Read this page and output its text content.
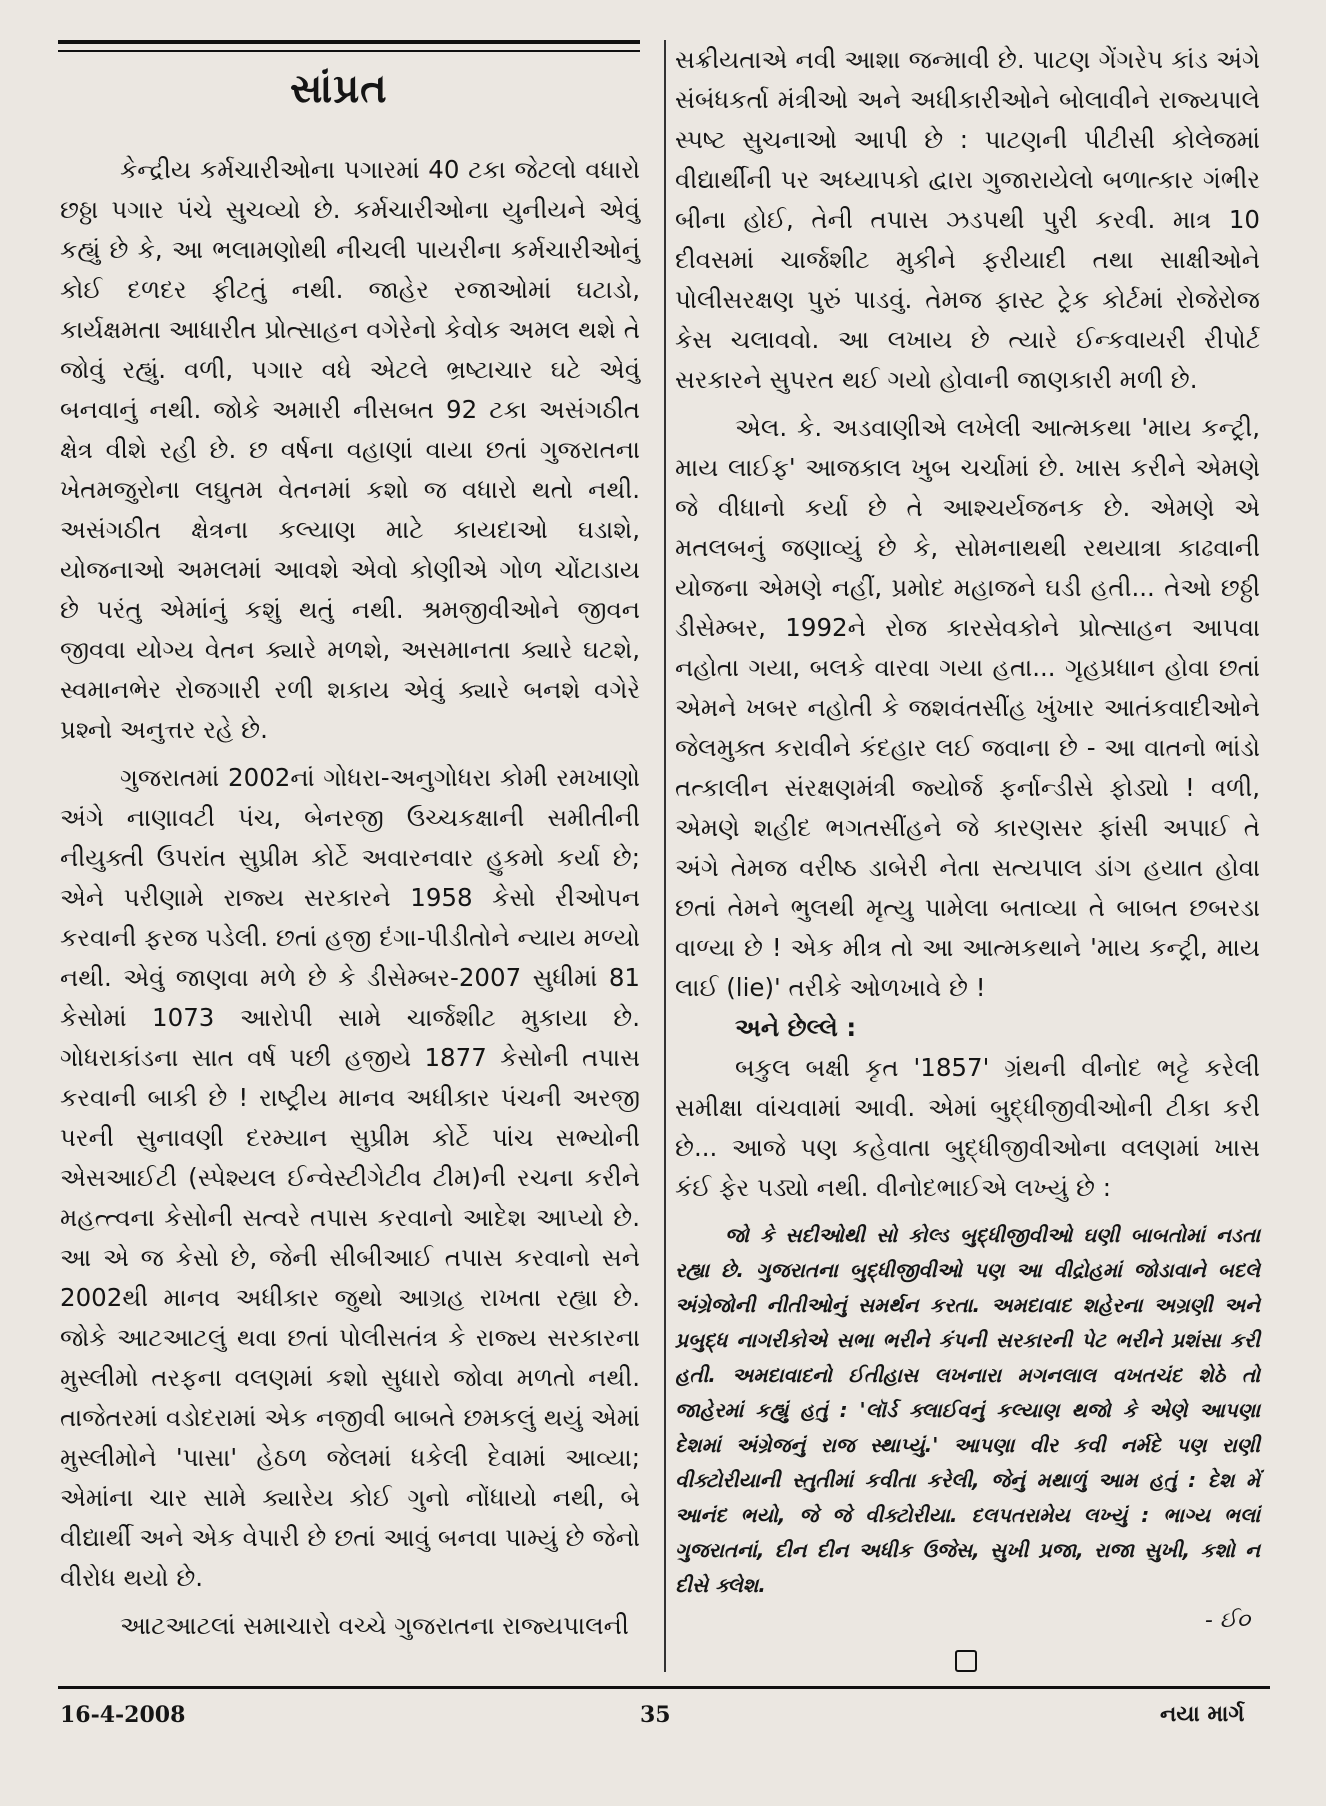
સાંપ્રત

કેન્દ્રીય કર્મચારીઓના પગારમાં 40 ટકા જેટલો વધારો છઠ્ઠા પગાર પંચે સુચવ્યો છે. કર્મચારીઓના યુનીયને એવું કહ્યું છે કે, આ ભલામણોથી નીચલી પાયરીના કર્મચારીઓનું કોઈ દળદર ફીટતું નથી. જાહેર રજાઓમાં ઘટાડો, કાર્યક્ષમતા આધારીત પ્રોત્સાહન વગેરેનો કેવોક અમલ થશે તે જોવું રહ્યું. વળી, પગાર વધે એટલે ભ્રષ્ટાચાર ઘટે એવું બનવાનું નથી. જોકે અમારી નીસબત 92 ટકા અસંગઠીત ક્ષેત્ર વીશે રહી છે. છ વર્ષના વહાણાં વાયા છતાં ગુજરાતના ખેતમજુરોના લઘુતમ વેતનમાં કશો જ વધારો થતો નથી. અસંગઠીત ક્ષેત્રના કલ્યાણ માટે કાયદાઓ ઘડાશે, યોજનાઓ અમલમાં આવશે એવો કોણીએ ગોળ ચોંટાડાય છે પરંતુ એમાંનું કશું થતું નથી. શ્રમજીવીઓને જીવન જીવવા યોગ્ય વેતન ક્યારે મળશે, અસમાનતા ક્યારે ઘટશે, સ્વમાનભેર રોજગારી રળી શકાય એવું ક્યારે બનશે વગેરે પ્રશ્નો અનુત્તર રહે છે.

ગુજરાતમાં 2002નાં ગોધરા-અનુગોધરા કોમી રમખાણો અંગે નાણાવટી પંચ, બેનરજી ઉચ્ચકક્ષાની સમીતીની નીયુક્તી ઉપરાંત સુપ્રીમ કોર્ટે અવારનવાર હુકમો કર્યા છે; એને પરીણામે રાજ્ય સરકારને 1958 કેસો રીઓપન કરવાની ફરજ પડેલી. છતાં હજી દંગા-પીડીતોને ન્યાય મળ્યો નથી. એવું જાણવા મળે છે કે ડીસેમ્બર-2007 સુધીમાં 81 કેસોમાં 1073 આરોપી સામે ચાર્જશીટ મુકાયા છે. ગોધરાકાંડના સાત વર્ષ પછી હજીયે 1877 કેસોની તપાસ કરવાની બાકી છે ! રાષ્ટ્રીય માનવ અધીકાર પંચની અરજી પરની સુનાવણી દરમ્યાન સુપ્રીમ કોર્ટે પાંચ સભ્યોની એસઆઈટી (સ્પેશ્યલ ઈન્વેસ્ટીગેટીવ ટીમ)ની રચના કરીને મહત્ત્વના કેસોની સત્વરે તપાસ કરવાનો આદેશ આપ્યો છે. આ એ જ કેસો છે, જેની સીબીઆઈ તપાસ કરવાનો સને 2002થી માનવ અધીકાર જુથો આગ્રહ રાખતા રહ્યા છે. જોકે આટઆટલું થવા છતાં પોલીસતંત્ર કે રાજ્ય સરકારના મુસ્લીમો તરફના વલણમાં કશો સુધારો જોવા મળતો નથી. તાજેતરમાં વડોદરામાં એક નજીવી બાબતે છમકલું થયું એમાં મુસ્લીમોને 'પાસા' હેઠળ જેલમાં ધકેલી દેવામાં આવ્યા; એમાંના ચાર સામે ક્યારેય કોઈ ગુનો નોંધાયો નથી, બે વીદ્યાર્થી અને એક વેપારી છે છતાં આવું બનવા પામ્યું છે જેનો વીરોધ થયો છે.

આટઆટલાં સમાચારો વચ્ચે ગુજરાતના રાજ્યપાલની

સક્રીયતાએ નવી આશા જન્માવી છે. પાટણ ગેંગરેપ કાંડ અંગે સંબંધકર્તા મંત્રીઓ અને અધીકારીઓને બોલાવીને રાજ્યપાલે સ્પષ્ટ સુચનાઓ આપી છે : પાટણની પીટીસી કોલેજમાં વીદ્યાર્થીની પર અધ્યાપકો દ્વારા ગુજારાયેલો બળાત્કાર ગંભીર બીના હોઈ, તેની તપાસ ઝડપથી પુરી કરવી. માત્ર 10 દીવસમાં ચાર્જશીટ મુકીને ફરીયાદી તથા સાક્ષીઓને પોલીસરક્ષણ પુરું પાડવું. તેમજ ફાસ્ટ ટ્રેક કોર્ટમાં રોજેરોજ કેસ ચલાવવો. આ લખાય છે ત્યારે ઈન્કવાયરી રીપોર્ટ સરકારને સુપરત થઈ ગયો હોવાની જાણકારી મળી છે.

એલ. કે. અડવાણીએ લખેલી આત્મકથા 'માય કન્ટ્રી, માય લાઈફ' આજકાલ ખુબ ચર્ચામાં છે. ખાસ કરીને એમણે જે વીધાનો કર્યા છે તે આશ્ચર્યજનક છે. એમણે એ મતલબનું જણાવ્યું છે કે, સોમનાથથી રથયાત્રા કાઢવાની યોજના એમણે નહીં, પ્રમોદ મહાજને ઘડી હતી... તેઓ છઠ્ઠી ડીસેમ્બર, 1992ને રોજ કારસેવકોને પ્રોત્સાહન આપવા નહોતા ગયા, બલકે વારવા ગયા હતા... ગૃહપ્રધાન હોવા છતાં એમને ખબર નહોતી કે જશવંતસીંહ ખુંખાર આતંકવાદીઓને જેલમુક્ત કરાવીને કંદહાર લઈ જવાના છે - આ વાતનો ભાંડો તત્કાલીન સંરક્ષણમંત્રી જ્યોર્જ ફર્નાન્ડીસે ફોડ્યો ! વળી, એમણે શહીદ ભગતસીંહને જે કારણસર ફાંસી અપાઈ તે અંગે તેમજ વરીષ્ઠ ડાબેરી નેતા સત્યપાલ ડાંગ હયાત હોવા છતાં તેમને ભુલથી મૃત્યુ પામેલા બતાવ્યા તે બાબત છબરડા વાળ્યા છે ! એક મીત્ર તો આ આત્મકથાને 'માય કન્ટ્રી, માય લાઈ (lie)' તરીકે ઓળખાવે છે !

અને છેલ્લે :

બકુલ બક્ષી કૃત '1857' ગ્રંથની વીનોદ ભટ્ટે કરેલી સમીક્ષા વાંચવામાં આવી. એમાં બુદ્ધીજીવીઓની ટીકા કરી છે... આજે પણ કહેવાતા બુદ્ધીજીવીઓના વલણમાં ખાસ કંઈ ફેર પડ્યો નથી. વીનોદભાઈએ લખ્યું છે :

જો કે સદીઓથી સો કોલ્ડ બુદ્ધીજીવીઓ ઘણી બાબતોમાં નડતા રહ્યા છે. ગુજરાતના બુદ્ધીજીવીઓ પણ આ વીદ્રોહમાં જોડાવાને બદલે અંગ્રેજોની નીતીઓનું સમર્થન કરતા. અમદાવાદ શહેરના અગ્રણી અને પ્રબુદ્ધ નાગરીકોએ સભા ભરીને કંપની સરકારની પેટ ભરીને પ્રશંસા કરી હતી. અમદાવાદનો ઈતીહાસ લખનારા મગનલાલ વખતચંદ શેઠે તો જાહેરમાં કહ્યું હતું : 'લૉર્ડ ક્લાઈવનું કલ્યાણ થજો કે એણે આપણા દેશમાં અંગ્રેજનું રાજ સ્થાપ્યું.' આપણા વીર કવી નર્મદે પણ રાણી વીક્ટોરીયાની સ્તુતીમાં કવીતા કરેલી, જેનું મથાળું આમ હતું : દેશ મેં આનંદ ભયો, જે જે વીક્ટોરીયા. દલપતરામેય લખ્યું : ભાગ્ય ભલાં ગુજરાતનાં, દીન દીન અધીક ઉજેસ, સુખી પ્રજા, રાજા સુખી, કશો ન દીસે ક્લેશ.

- ઈ૦
16-4-2008	35	નયા માર્ગ
